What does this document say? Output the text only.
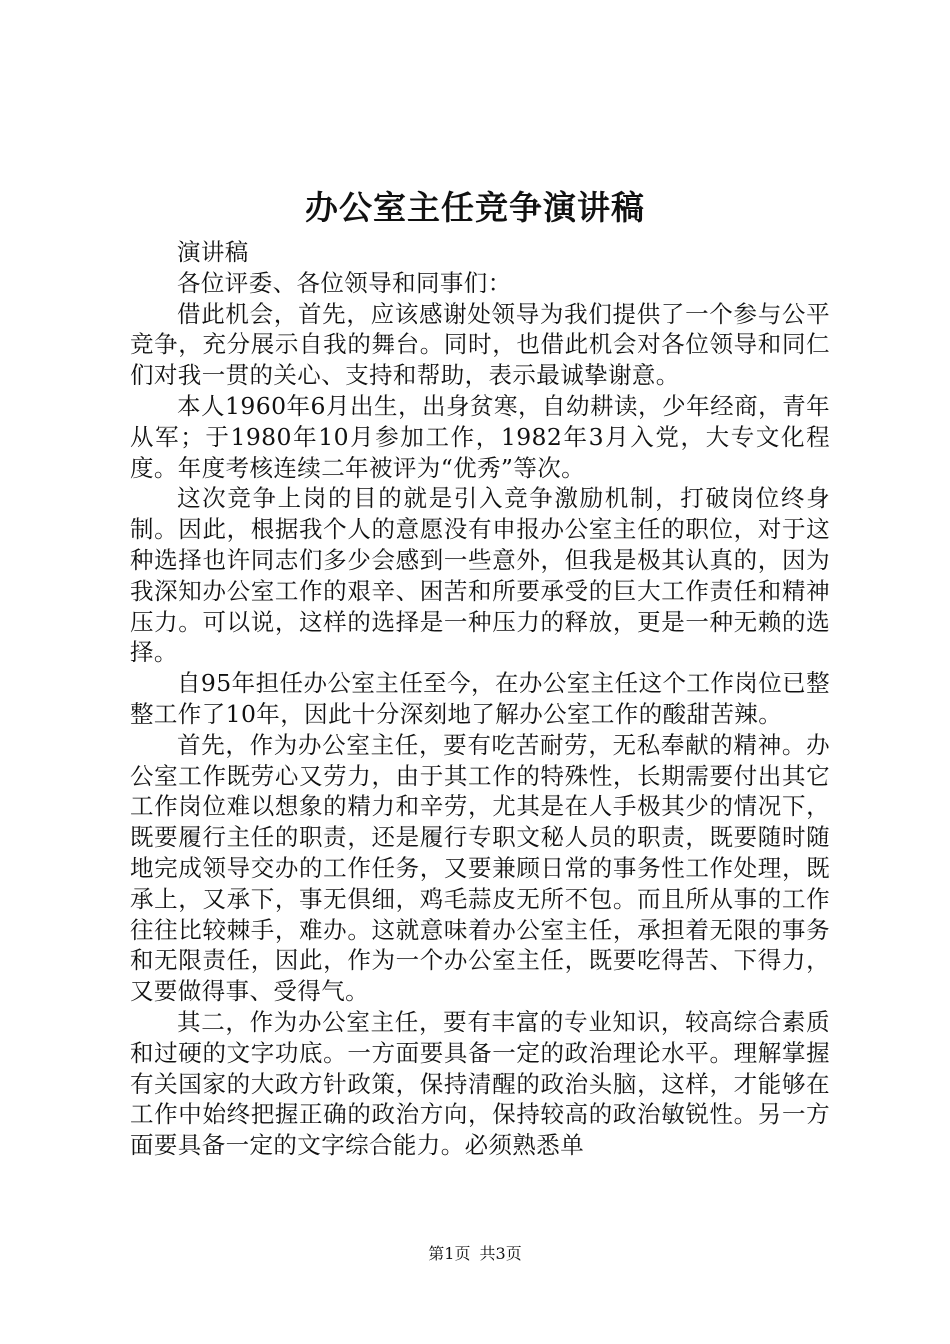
办公室主任竞争演讲稿

演讲稿

各位评委、各位领导和同事们：

借此机会，首先，应该感谢处领导为我们提供了一个参与公平竞争，充分展示自我的舞台。同时，也借此机会对各位领导和同仁们对我一贯的关心、支持和帮助，表示最诚挚谢意。

本人1960年6月出生，出身贫寒，自幼耕读，少年经商，青年从军；于1980年10月参加工作，1982年3月入党，大专文化程度。年度考核连续二年被评为“优秀”等次。

这次竞争上岗的目的就是引入竞争激励机制，打破岗位终身制。因此，根据我个人的意愿没有申报办公室主任的职位，对于这种选择也许同志们多少会感到一些意外，但我是极其认真的，因为我深知办公室工作的艰辛、困苦和所要承受的巨大工作责任和精神压力。可以说，这样的选择是一种压力的释放，更是一种无赖的选择。

自95年担任办公室主任至今，在办公室主任这个工作岗位已整整工作了10年，因此十分深刻地了解办公室工作的酸甜苦辣。

首先，作为办公室主任，要有吃苦耐劳，无私奉献的精神。办公室工作既劳心又劳力，由于其工作的特殊性，长期需要付出其它工作岗位难以想象的精力和辛劳，尤其是在人手极其少的情况下，既要履行主任的职责，还是履行专职文秘人员的职责，既要随时随地完成领导交办的工作任务，又要兼顾日常的事务性工作处理，既承上，又承下，事无倶细，鸡毛蒜皮无所不包。而且所从事的工作往往比较棘手，难办。这就意味着办公室主任，承担着无限的事务和无限责任，因此，作为一个办公室主任，既要吃得苦、下得力，又要做得事、受得气。

其二，作为办公室主任，要有丰富的专业知识，较高综合素质和过硬的文字功底。一方面要具备一定的政治理论水平。理解掌握有关国家的大政方针政策，保持清醒的政治头脑，这样，才能够在工作中始终把握正确的政治方向，保持较高的政治敏锐性。另一方面要具备一定的文字综合能力。必须熟悉单

第1页 共3页
